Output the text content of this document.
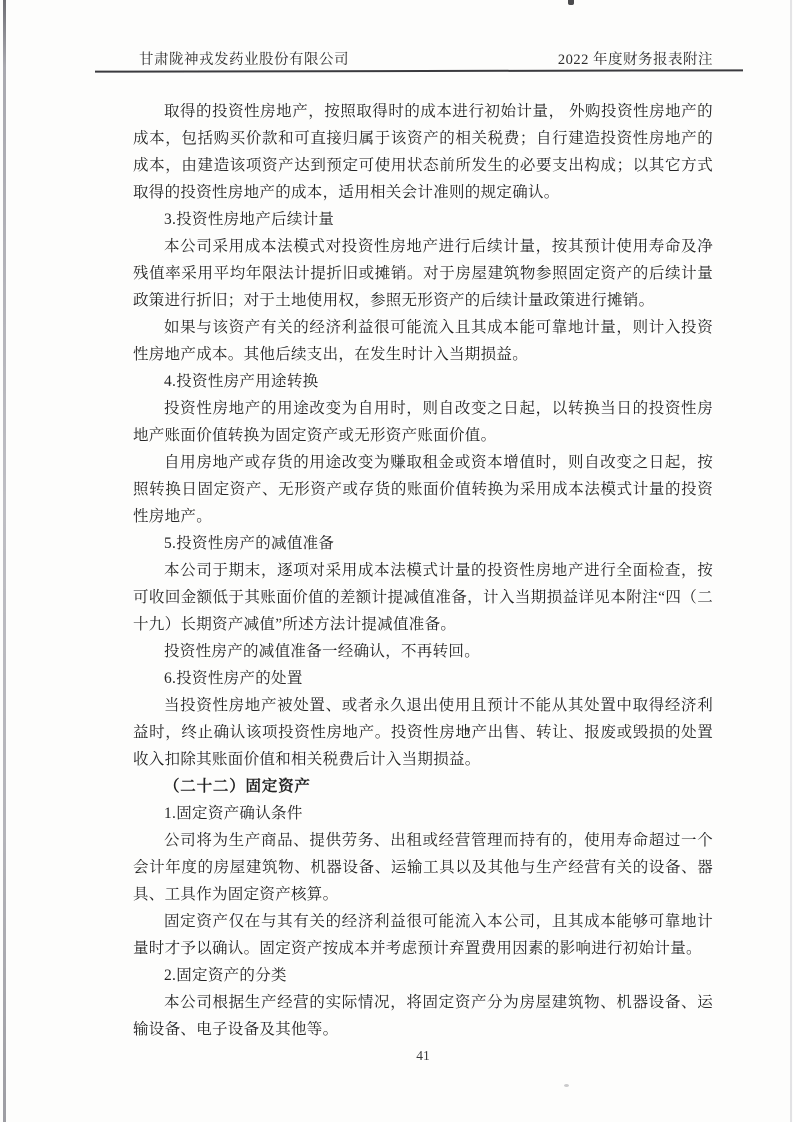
甘肃陇神戎发药业股份有限公司	2022 年度财务报表附注

取得的投资性房地产，按照取得时的成本进行初始计量， 外购投资性房地产的成本，包括购买价款和可直接归属于该资产的相关税费；自行建造投资性房地产的成本，由建造该项资产达到预定可使用状态前所发生的必要支出构成；以其它方式取得的投资性房地产的成本，适用相关会计准则的规定确认。

3.投资性房地产后续计量

本公司采用成本法模式对投资性房地产进行后续计量，按其预计使用寿命及净残值率采用平均年限法计提折旧或摊销。对于房屋建筑物参照固定资产的后续计量政策进行折旧；对于土地使用权，参照无形资产的后续计量政策进行摊销。

如果与该资产有关的经济利益很可能流入且其成本能可靠地计量，则计入投资性房地产成本。其他后续支出，在发生时计入当期损益。

4.投资性房产用途转换

投资性房地产的用途改变为自用时，则自改变之日起，以转换当日的投资性房地产账面价值转换为固定资产或无形资产账面价值。

自用房地产或存货的用途改变为赚取租金或资本增值时，则自改变之日起，按照转换日固定资产、无形资产或存货的账面价值转换为采用成本法模式计量的投资性房地产。

5.投资性房产的减值准备

本公司于期末，逐项对采用成本法模式计量的投资性房地产进行全面检查，按可收回金额低于其账面价值的差额计提减值准备，计入当期损益详见本附注“四（二十九）长期资产减值”所述方法计提减值准备。

投资性房产的减值准备一经确认，不再转回。

6.投资性房产的处置

当投资性房地产被处置、或者永久退出使用且预计不能从其处置中取得经济利益时，终止确认该项投资性房地产。投资性房地产出售、转让、报废或毁损的处置收入扣除其账面价值和相关税费后计入当期损益。

（二十二）固定资产

1.固定资产确认条件

公司将为生产商品、提供劳务、出租或经营管理而持有的，使用寿命超过一个会计年度的房屋建筑物、机器设备、运输工具以及其他与生产经营有关的设备、器具、工具作为固定资产核算。

固定资产仅在与其有关的经济利益很可能流入本公司，且其成本能够可靠地计量时才予以确认。固定资产按成本并考虑预计弃置费用因素的影响进行初始计量。

2.固定资产的分类

本公司根据生产经营的实际情况，将固定资产分为房屋建筑物、机器设备、运输设备、电子设备及其他等。

41
